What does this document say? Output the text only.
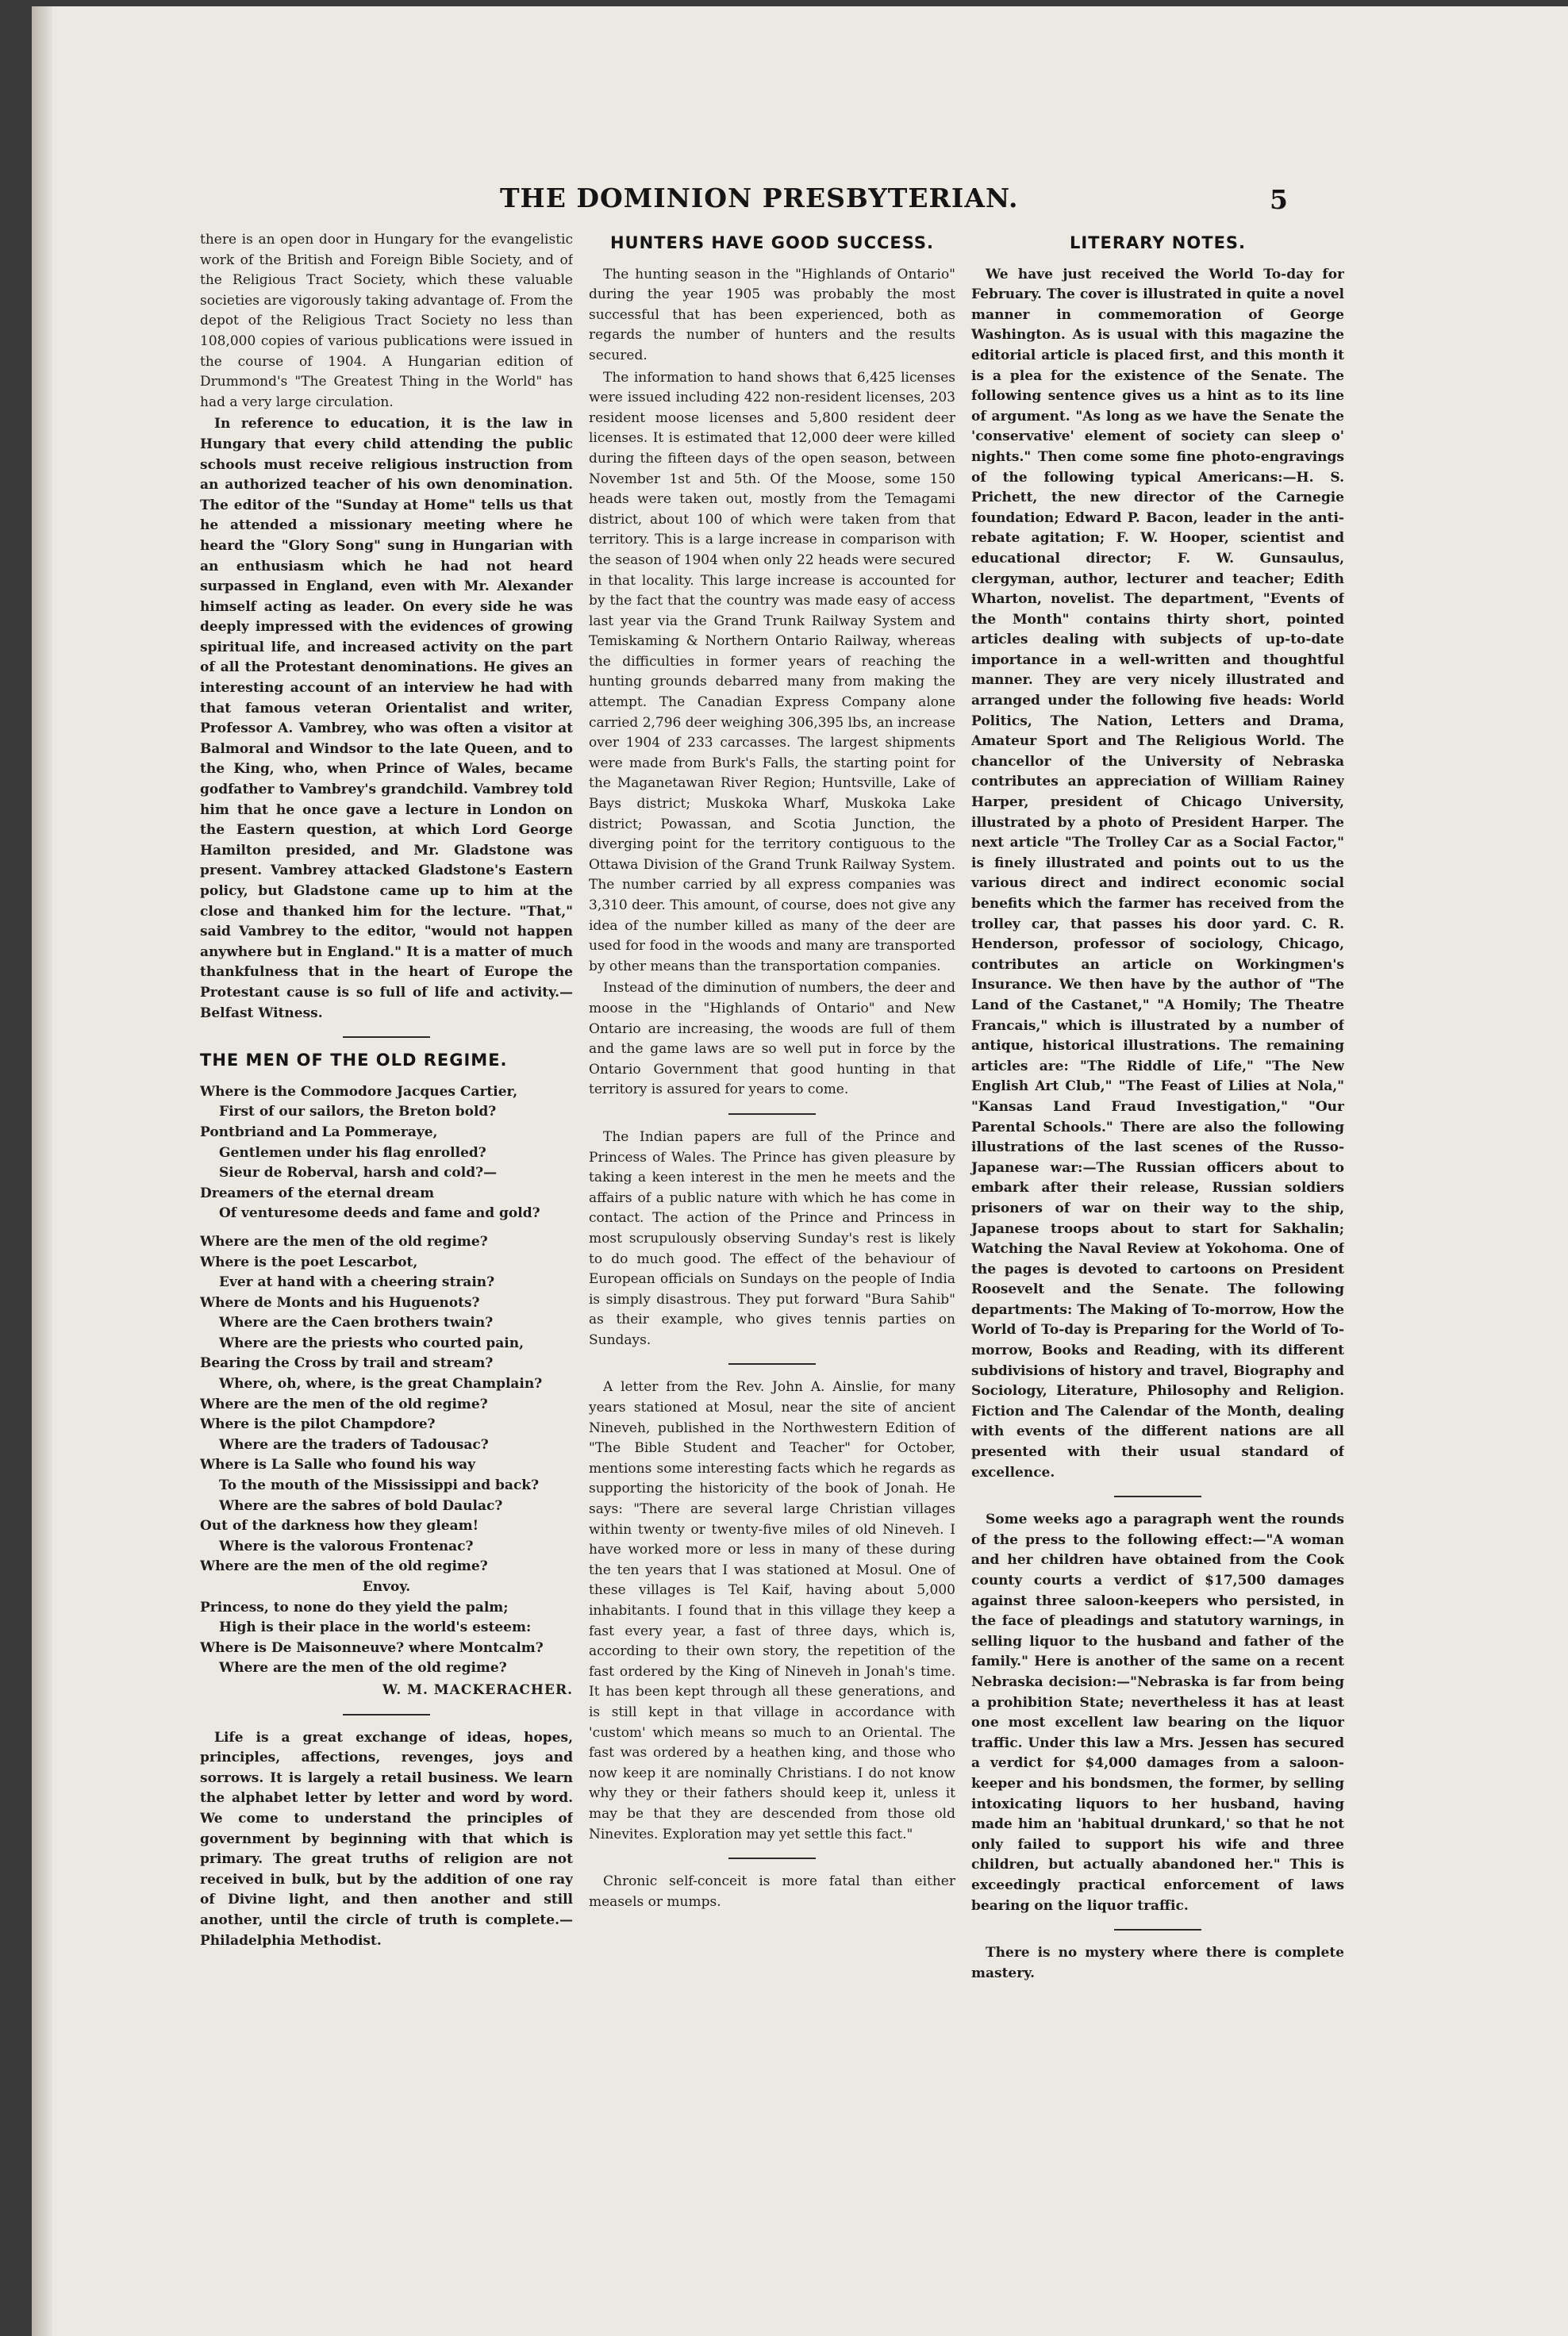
THE DOMINION PRESBYTERIAN.	5

there is an open door in Hungary for the evangelistic work of the British and Foreign Bible Society, and of the Religious Tract Society, which these valuable societies are vigorously taking advantage of. From the depot of the Religious Tract Society no less than 108,000 copies of various publications were issued in the course of 1904. A Hungarian edition of Drummond's "The Greatest Thing in the World" has had a very large circulation.

In reference to education, it is the law in Hungary that every child attending the public schools must receive religious instruction from an authorized teacher of his own denomination. The editor of the "Sunday at Home" tells us that he attended a missionary meeting where he heard the "Glory Song" sung in Hungarian with an enthusiasm which he had not heard surpassed in England, even with Mr. Alexander himself acting as leader. On every side he was deeply impressed with the evidences of growing spiritual life, and increased activity on the part of all the Protestant denominations. He gives an interesting account of an interview he had with that famous veteran Orientalist and writer, Professor A. Vambrey, who was often a visitor at Balmoral and Windsor to the late Queen, and to the King, who, when Prince of Wales, became godfather to Vambrey's grandchild. Vambrey told him that he once gave a lecture in London on the Eastern question, at which Lord George Hamilton presided, and Mr. Gladstone was present. Vambrey attacked Gladstone's Eastern policy, but Gladstone came up to him at the close and thanked him for the lecture. "That," said Vambrey to the editor, "would not happen anywhere but in England." It is a matter of much thankfulness that in the heart of Europe the Protestant cause is so full of life and activity.—Belfast Witness.

THE MEN OF THE OLD REGIME.
Where is the Commodore Jacques Cartier,
First of our sailors, the Breton bold?
Pontbriand and La Pommeraye,
Gentlemen under his flag enrolled?
Sieur de Roberval, harsh and cold?—
Dreamers of the eternal dream
Of venturesome deeds and fame and gold?
Where are the men of the old regime?
Where is the poet Lescarbot,
Ever at hand with a cheering strain?
Where de Monts and his Huguenots?
Where are the Caen brothers twain?
Where are the priests who courted pain,
Bearing the Cross by trail and stream?
Where, oh, where, is the great Champlain?
Where are the men of the old regime?
Where is the pilot Champdore?
Where are the traders of Tadousac?
Where is La Salle who found his way
To the mouth of the Mississippi and back?
Where are the sabres of bold Daulac?
Out of the darkness how they gleam!
Where is the valorous Frontenac?
Where are the men of the old regime?
Envoy.
Princess, to none do they yield the palm;
High is their place in the world's esteem:
Where is De Maisonneuve? where Montcalm?
Where are the men of the old regime?
W. M. MACKERACHER.

Life is a great exchange of ideas, hopes, principles, affections, revenges, joys and sorrows. It is largely a retail business. We learn the alphabet letter by letter and word by word. We come to understand the principles of government by beginning with that which is primary. The great truths of religion are not received in bulk, but by the addition of one ray of Divine light, and then another and still another, until the circle of truth is complete.—Philadelphia Methodist.

HUNTERS HAVE GOOD SUCCESS.

The hunting season in the "Highlands of Ontario" during the year 1905 was probably the most successful that has been experienced, both as regards the number of hunters and the results secured.

The information to hand shows that 6,425 licenses were issued including 422 non-resident licenses, 203 resident moose licenses and 5,800 resident deer licenses. It is estimated that 12,000 deer were killed during the fifteen days of the open season, between November 1st and 5th. Of the Moose, some 150 heads were taken out, mostly from the Temagami district, about 100 of which were taken from that territory. This is a large increase in comparison with the season of 1904 when only 22 heads were secured in that locality. This large increase is accounted for by the fact that the country was made easy of access last year via the Grand Trunk Railway System and Temiskaming & Northern Ontario Railway, whereas the difficulties in former years of reaching the hunting grounds debarred many from making the attempt. The Canadian Express Company alone carried 2,796 deer weighing 306,395 lbs, an increase over 1904 of 233 carcasses. The largest shipments were made from Burk's Falls, the starting point for the Maganetawan River Region; Huntsville, Lake of Bays district; Muskoka Wharf, Muskoka Lake district; Powassan, and Scotia Junction, the diverging point for the territory contiguous to the Ottawa Division of the Grand Trunk Railway System. The number carried by all express companies was 3,310 deer. This amount, of course, does not give any idea of the number killed as many of the deer are used for food in the woods and many are transported by other means than the transportation companies.

Instead of the diminution of numbers, the deer and moose in the "Highlands of Ontario" and New Ontario are increasing, the woods are full of them and the game laws are so well put in force by the Ontario Government that good hunting in that territory is assured for years to come.

The Indian papers are full of the Prince and Princess of Wales. The Prince has given pleasure by taking a keen interest in the men he meets and the affairs of a public nature with which he has come in contact. The action of the Prince and Princess in most scrupulously observing Sunday's rest is likely to do much good. The effect of the behaviour of European officials on Sundays on the people of India is simply disastrous. They put forward "Bura Sahib" as their example, who gives tennis parties on Sundays.

A letter from the Rev. John A. Ainslie, for many years stationed at Mosul, near the site of ancient Nineveh, published in the Northwestern Edition of "The Bible Student and Teacher" for October, mentions some interesting facts which he regards as supporting the historicity of the book of Jonah. He says: "There are several large Christian villages within twenty or twenty-five miles of old Nineveh. I have worked more or less in many of these during the ten years that I was stationed at Mosul. One of these villages is Tel Kaif, having about 5,000 inhabitants. I found that in this village they keep a fast every year, a fast of three days, which is, according to their own story, the repetition of the fast ordered by the King of Nineveh in Jonah's time. It has been kept through all these generations, and is still kept in that village in accordance with 'custom' which means so much to an Oriental. The fast was ordered by a heathen king, and those who now keep it are nominally Christians. I do not know why they or their fathers should keep it, unless it may be that they are descended from those old Ninevites. Exploration may yet settle this fact."

Chronic self-conceit is more fatal than either measels or mumps.

LITERARY NOTES.

We have just received the World To-day for February. The cover is illustrated in quite a novel manner in commemoration of George Washington. As is usual with this magazine the editorial article is placed first, and this month it is a plea for the existence of the Senate. The following sentence gives us a hint as to its line of argument. "As long as we have the Senate the 'conservative' element of society can sleep o' nights." Then come some fine photo-engravings of the following typical Americans:—H. S. Prichett, the new director of the Carnegie foundation; Edward P. Bacon, leader in the anti-rebate agitation; F. W. Hooper, scientist and educational director; F. W. Gunsaulus, clergyman, author, lecturer and teacher; Edith Wharton, novelist. The department, "Events of the Month" contains thirty short, pointed articles dealing with subjects of up-to-date importance in a well-written and thoughtful manner. They are very nicely illustrated and arranged under the following five heads: World Politics, The Nation, Letters and Drama, Amateur Sport and The Religious World. The chancellor of the University of Nebraska contributes an appreciation of William Rainey Harper, president of Chicago University, illustrated by a photo of President Harper. The next article "The Trolley Car as a Social Factor," is finely illustrated and points out to us the various direct and indirect economic social benefits which the farmer has received from the trolley car, that passes his door yard. C. R. Henderson, professor of sociology, Chicago, contributes an article on Workingmen's Insurance. We then have by the author of "The Land of the Castanet," "A Homily; The Theatre Francais," which is illustrated by a number of antique, historical illustrations. The remaining articles are: "The Riddle of Life," "The New English Art Club," "The Feast of Lilies at Nola," "Kansas Land Fraud Investigation," "Our Parental Schools." There are also the following illustrations of the last scenes of the Russo-Japanese war:—The Russian officers about to embark after their release, Russian soldiers prisoners of war on their way to the ship, Japanese troops about to start for Sakhalin; Watching the Naval Review at Yokohoma. One of the pages is devoted to cartoons on President Roosevelt and the Senate. The following departments: The Making of To-morrow, How the World of To-day is Preparing for the World of To-morrow, Books and Reading, with its different subdivisions of history and travel, Biography and Sociology, Literature, Philosophy and Religion. Fiction and The Calendar of the Month, dealing with events of the different nations are all presented with their usual standard of excellence.

Some weeks ago a paragraph went the rounds of the press to the following effect:—"A woman and her children have obtained from the Cook county courts a verdict of $17,500 damages against three saloon-keepers who persisted, in the face of pleadings and statutory warnings, in selling liquor to the husband and father of the family." Here is another of the same on a recent Nebraska decision:—"Nebraska is far from being a prohibition State; nevertheless it has at least one most excellent law bearing on the liquor traffic. Under this law a Mrs. Jessen has secured a verdict for $4,000 damages from a saloon-keeper and his bondsmen, the former, by selling intoxicating liquors to her husband, having made him an 'habitual drunkard,' so that he not only failed to support his wife and three children, but actually abandoned her." This is exceedingly practical enforcement of laws bearing on the liquor traffic.

There is no mystery where there is complete mastery.
